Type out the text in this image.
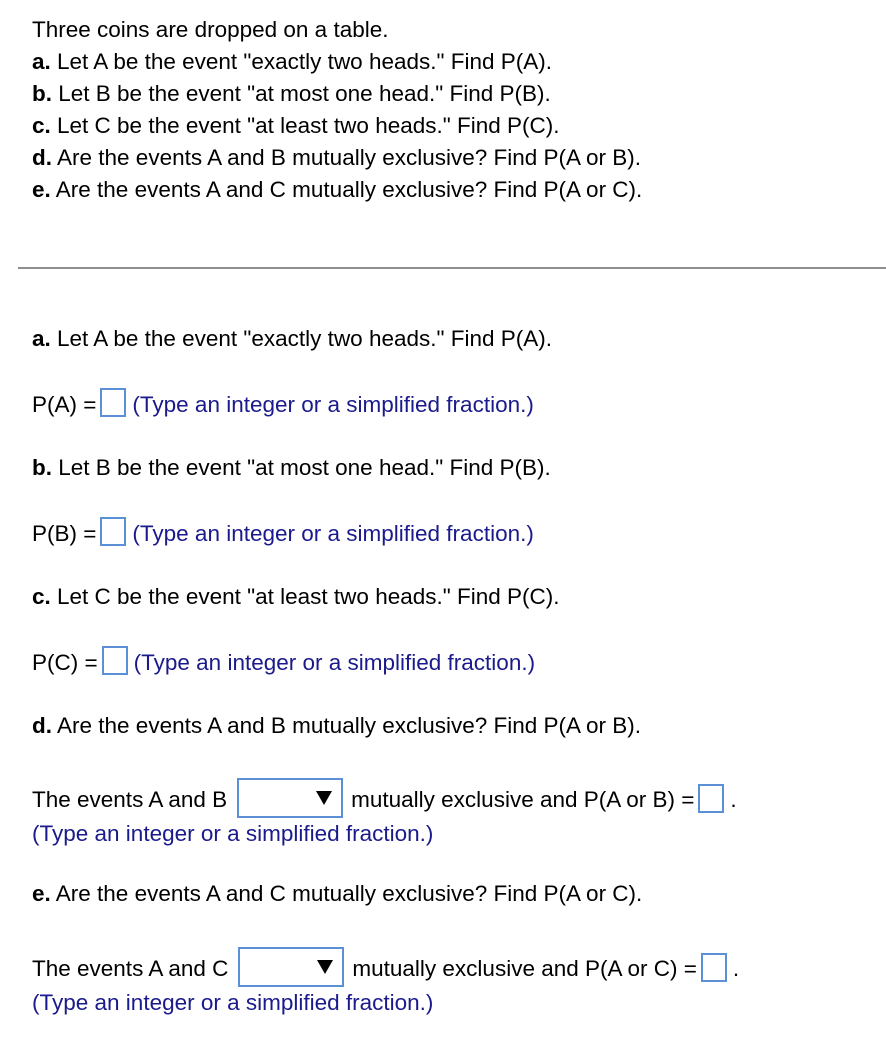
Three coins are dropped on a table.
a. Let A be the event "exactly two heads." Find P(A).
b. Let B be the event "at most one head." Find P(B).
c. Let C be the event "at least two heads." Find P(C).
d. Are the events A and B mutually exclusive? Find P(A or B).
e. Are the events A and C mutually exclusive? Find P(A or C).
a. Let A be the event "exactly two heads." Find P(A).
P(A) = (Type an integer or a simplified fraction.)
b. Let B be the event "at most one head." Find P(B).
P(B) = (Type an integer or a simplified fraction.)
c. Let C be the event "at least two heads." Find P(C).
P(C) = (Type an integer or a simplified fraction.)
d. Are the events A and B mutually exclusive? Find P(A or B).
The events A and B	mutually exclusive and P(A or B) = .
(Type an integer or a simplified fraction.)
e. Are the events A and C mutually exclusive? Find P(A or C).
The events A and C	mutually exclusive and P(A or C) = .
(Type an integer or a simplified fraction.)
